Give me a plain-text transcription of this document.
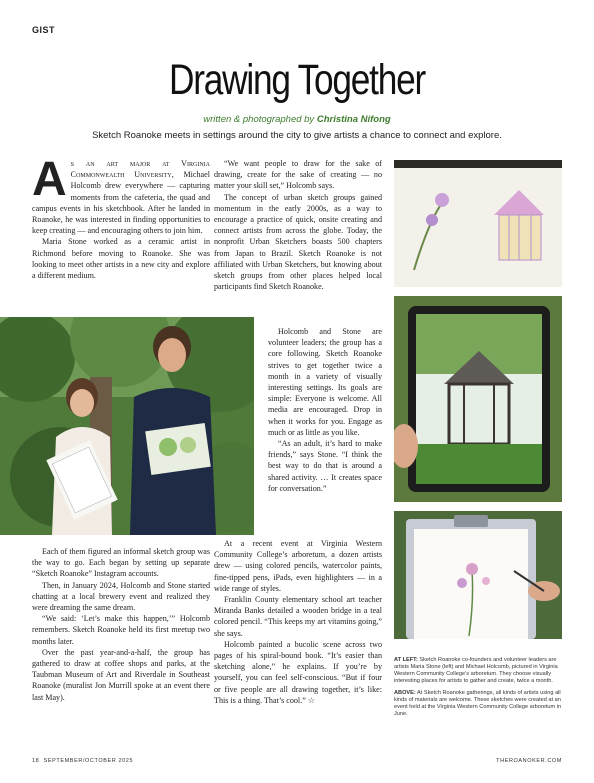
GIST
Drawing Together
written & photographed by Christina Nifong
Sketch Roanoke meets in settings around the city to give artists a chance to connect and explore.

As an art major at Virginia Commonwealth University, Michael Holcomb drew everywhere — capturing moments from the cafeteria, the quad and campus events in his sketchbook. After he landed in Roanoke, he was interested in finding opportunities to keep creating — and encouraging others to join him.

Maria Stone worked as a ceramic artist in Richmond before moving to Roanoke. She was looking to meet other artists in a new city and explore a different medium.

Each of them figured an informal sketch group was the way to go. Each began by setting up separate “Sketch Roanoke” Instagram accounts.

Then, in January 2024, Holcomb and Stone started chatting at a local brewery event and realized they were dreaming the same dream.

“We said: ‘Let’s make this happen,’” Holcomb remembers. Sketch Roanoke held its first meetup two months later.

Over the past year-and-a-half, the group has gathered to draw at coffee shops and parks, at the Taubman Museum of Art and Riverdale in Southeast Roanoke (muralist Jon Murrill spoke at an event there last May).

“We want people to draw for the sake of drawing, create for the sake of creating — no matter your skill set,” Holcomb says.

The concept of urban sketch groups gained momentum in the early 2000s, as a way to encourage a practice of quick, onsite creating and connect artists from across the globe. Today, the nonprofit Urban Sketchers boasts 500 chapters from Japan to Brazil. Sketch Roanoke is not affiliated with Urban Sketchers, but knowing about sketch groups from other places helped local participants find Sketch Roanoke.

Holcomb and Stone are volunteer leaders; the group has a core following. Sketch Roanoke strives to get together twice a month in a variety of visually interesting settings. Its goals are simple: Everyone is welcome. All media are encouraged. Drop in when it works for you. Engage as much or as little as you like.

“As an adult, it’s hard to make friends,” says Stone. “I think the best way to do that is around a shared activity. … It creates space for conversation.”

At a recent event at Virginia Western Community College’s arboretum, a dozen artists drew — using colored pencils, watercolor paints, fine-tipped pens, iPads, even highlighters — in a wide range of styles.

Franklin County elementary school art teacher Miranda Banks detailed a wooden bridge in a teal colored pencil. “This keeps my art vitamins going,” she says.

Holcomb painted a bucolic scene across two pages of his spiral-bound book. “It’s easier than sketching alone,” he explains. If you’re by yourself, you can feel self-conscious. “But if four or five people are all drawing together, it’s like: This is a thing. That’s cool.” ☆

AT LEFT: Sketch Roanoke co-founders and volunteer leaders are artists Maria Stone (left) and Michael Holcomb, pictured in Virginia Western Community College’s arboretum. They choose visually interesting places for artists to gather and create, twice a month.
ABOVE: At Sketch Roanoke gatherings, all kinds of artists using all kinds of materials are welcome. These sketches were created at an event held at the Virginia Western Community College arboretum in June.
18 SEPTEMBER/OCTOBER 2025	THEROANOKER.COM
